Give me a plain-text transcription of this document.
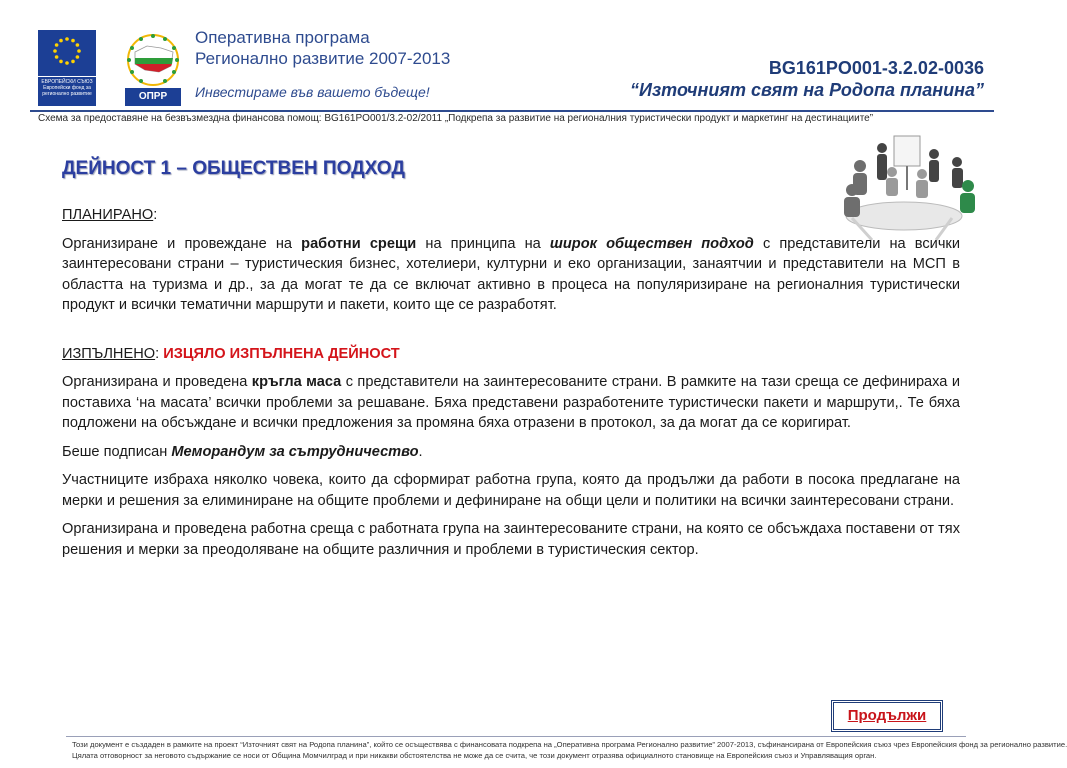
ЕВРОПЕЙСКИ СЪЮЗ Европейски фонд за регионално развитие	ОПРР
Оперативна програма
Регионално развитие 2007-2013
Инвестираме във вашето бъдеще!
BG161PO001-3.2.02-0036
“Източният свят на Родопа планина”
Схема за предоставяне на безвъзмездна финансова помощ: BG161PO001/3.2-02/2011 „Подкрепа за развитие на регионалния туристически продукт и маркетинг на дестинациите”
ДЕЙНОСТ 1 – ОБЩЕСТВЕН ПОДХОД

ПЛАНИРАНО:

Организиране и провеждане на работни срещи на принципа на широк обществен подход с представители на всички заинтересовани страни – туристическия бизнес, хотелиери, културни и еко организации, занаятчии и представители на МСП в областта на туризма и др., за да могат те да се включат активно в процеса на популяризиране на регионалния туристически продукт и всички тематични маршрути и пакети, които ще се разработят.

ИЗПЪЛНЕНО: ИЗЦЯЛО ИЗПЪЛНЕНА ДЕЙНОСТ

Организирана и проведена кръгла маса с представители на заинтересованите страни. В рамките на тази среща се дефинираха и поставиха ‘на масата’ всички проблеми за решаване. Бяха представени разработените туристически пакети и маршрути,. Те бяха подложени на обсъждане и всички предложения за промяна бяха отразени в протокол, за да могат да се коригират.

Беше подписан Меморандум за сътрудничество.

Участниците избраха няколко човека, които да сформират работна група, която да продължи да работи в посока предлагане на мерки и решения за елиминиране на общите проблеми и дефиниране на общи цели и политики на всички заинтересовани страни.

Организирана и проведена работна среща с работната група на заинтересованите страни, на която се обсъждаха поставени от тях решения и мерки за преодоляване на общите различния и проблеми в туристическия сектор.

Продължи
Този документ е създаден в рамките на проект “Източният свят на Родопа планина”, който се осъществява с финансовата подкрепа на „Оперативна програма Регионално развитие” 2007-2013, съфинансирана от Европейския съюз чрез Европейския фонд за регионално развитие.
Цялата отговорност за неговото съдържание се носи от Община Момчилград и при никакви обстоятелства не може да се счита, че този документ отразява официалното становище на Европейския съюз и Управляващия орган.
